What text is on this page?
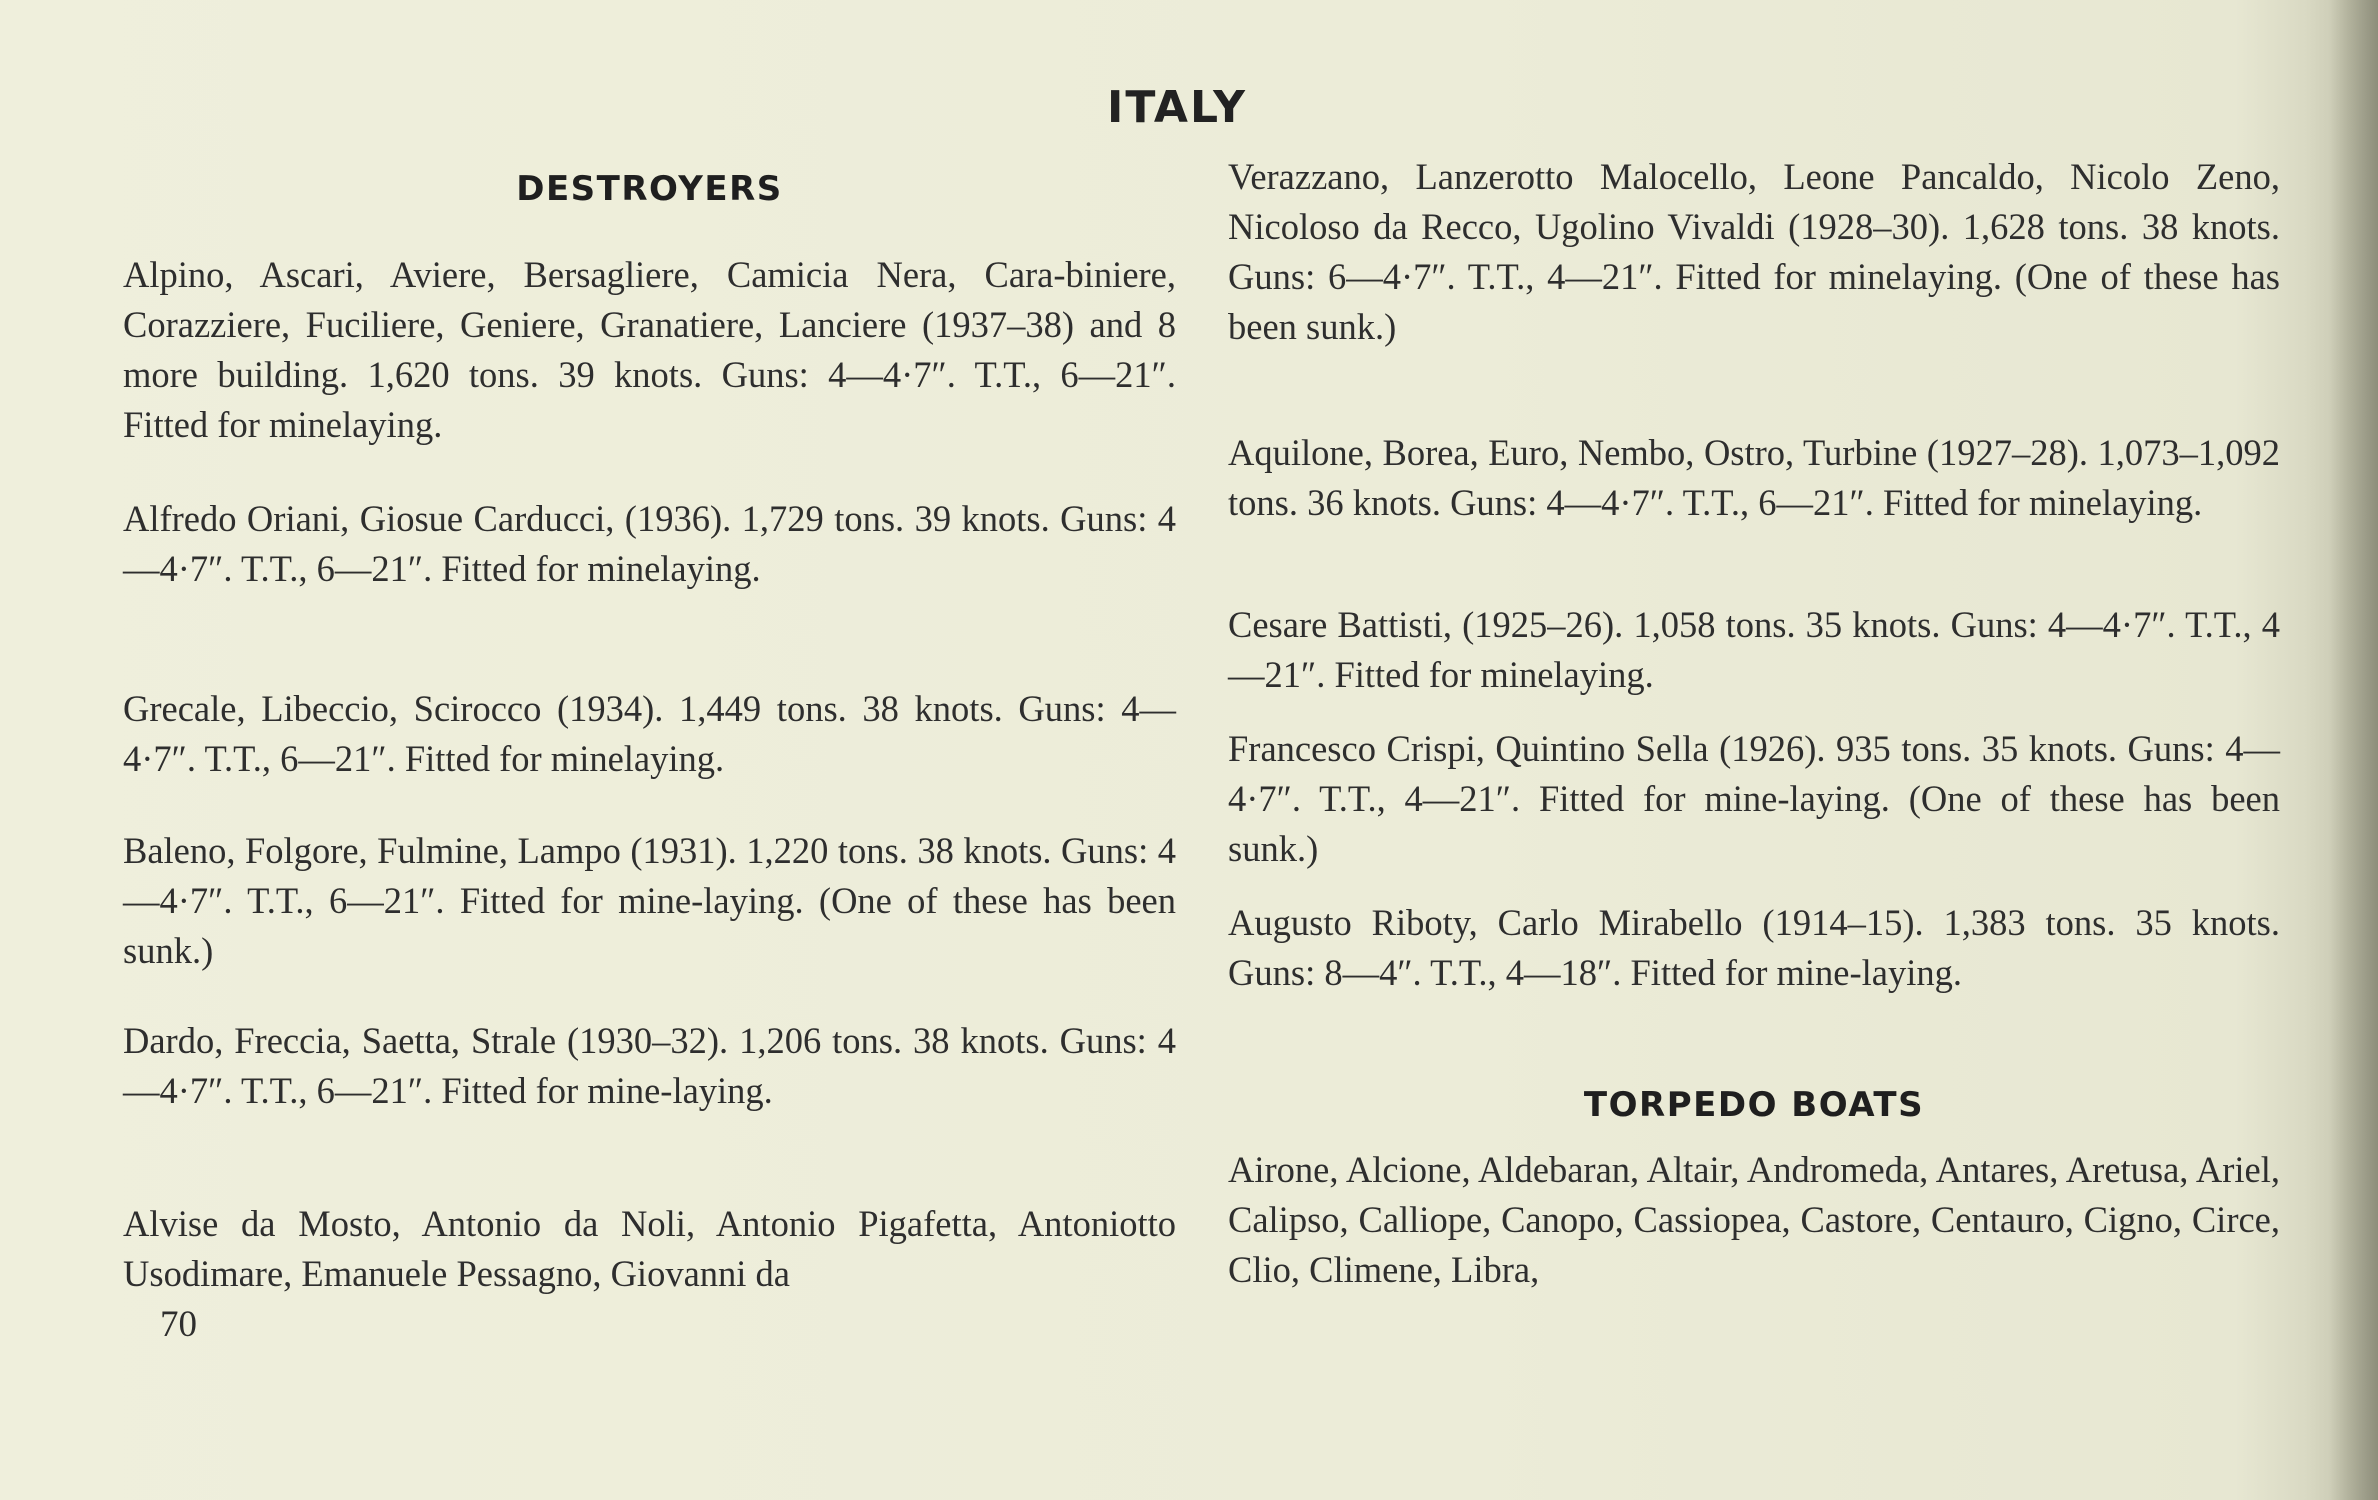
ITALY
DESTROYERS

Alpino, Ascari, Aviere, Bersagliere, Camicia Nera, Cara-biniere, Corazziere, Fuciliere, Geniere, Granatiere, Lanciere (1937–38) and 8 more building. 1,620 tons. 39 knots. Guns: 4—4·7″. T.T., 6—21″. Fitted for minelaying.

Alfredo Oriani, Giosue Carducci, (1936). 1,729 tons. 39 knots. Guns: 4—4·7″. T.T., 6—21″. Fitted for minelaying.

Grecale, Libeccio, Scirocco (1934). 1,449 tons. 38 knots. Guns: 4—4·7″. T.T., 6—21″. Fitted for minelaying.

Baleno, Folgore, Fulmine, Lampo (1931). 1,220 tons. 38 knots. Guns: 4—4·7″. T.T., 6—21″. Fitted for mine-laying. (One of these has been sunk.)

Dardo, Freccia, Saetta, Strale (1930–32). 1,206 tons. 38 knots. Guns: 4—4·7″. T.T., 6—21″. Fitted for mine-laying.

Alvise da Mosto, Antonio da Noli, Antonio Pigafetta, Antoniotto Usodimare, Emanuele Pessagno, Giovanni da

Verazzano, Lanzerotto Malocello, Leone Pancaldo, Nicolo Zeno, Nicoloso da Recco, Ugolino Vivaldi (1928–30). 1,628 tons. 38 knots. Guns: 6—4·7″. T.T., 4—21″. Fitted for minelaying. (One of these has been sunk.)

Aquilone, Borea, Euro, Nembo, Ostro, Turbine (1927–28). 1,073–1,092 tons. 36 knots. Guns: 4—4·7″. T.T., 6—21″. Fitted for minelaying.

Cesare Battisti, (1925–26). 1,058 tons. 35 knots. Guns: 4—4·7″. T.T., 4—21″. Fitted for minelaying.

Francesco Crispi, Quintino Sella (1926). 935 tons. 35 knots. Guns: 4—4·7″. T.T., 4—21″. Fitted for mine-laying. (One of these has been sunk.)

Augusto Riboty, Carlo Mirabello (1914–15). 1,383 tons. 35 knots. Guns: 8—4″. T.T., 4—18″. Fitted for mine-laying.

TORPEDO BOATS

Airone, Alcione, Aldebaran, Altair, Andromeda, Antares, Aretusa, Ariel, Calipso, Calliope, Canopo, Cassiopea, Castore, Centauro, Cigno, Circe, Clio, Climene, Libra,

70
